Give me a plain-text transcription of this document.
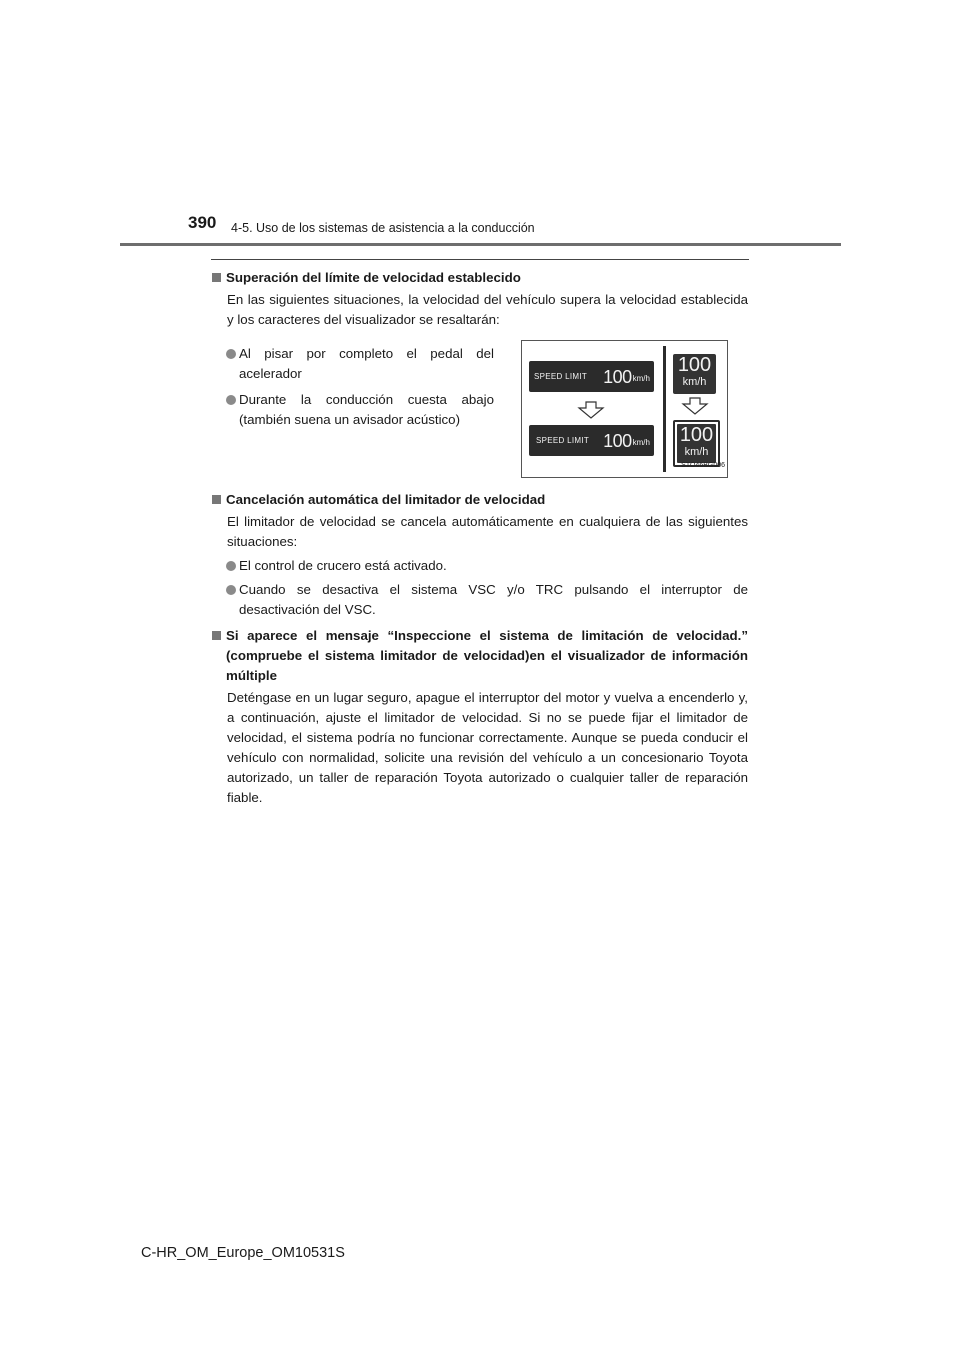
390 4-5. Uso de los sistemas de asistencia a la conducción
Superación del límite de velocidad establecido

En las siguientes situaciones, la velocidad del vehículo supera la velocidad establecida y los caracteres del visualizador se resaltarán:

Al pisar por completo el pedal del acelerador
Durante la conducción cuesta abajo (también suena un avisador acústico)
SPEED LIMIT 100 km/h
SPEED LIMIT 100 km/h
100
km/h
100
km/h
STO46BG006
Cancelación automática del limitador de velocidad

El limitador de velocidad se cancela automáticamente en cualquiera de las siguientes situaciones:

El control de crucero está activado.
Cuando se desactiva el sistema VSC y/o TRC pulsando el interruptor de desactivación del VSC.
Si aparece el mensaje “Inspeccione el sistema de limitación de velocidad.” (compruebe el sistema limitador de velocidad)en el visualizador de información múltiple

Deténgase en un lugar seguro, apague el interruptor del motor y vuelva a encenderlo y, a continuación, ajuste el limitador de velocidad. Si no se puede fijar el limitador de velocidad, el sistema podría no funcionar correctamente. Aunque se pueda conducir el vehículo con normalidad, solicite una revisión del vehículo a un concesionario Toyota autorizado, un taller de reparación Toyota autorizado o cualquier taller de reparación fiable.

C-HR_OM_Europe_OM10531S
